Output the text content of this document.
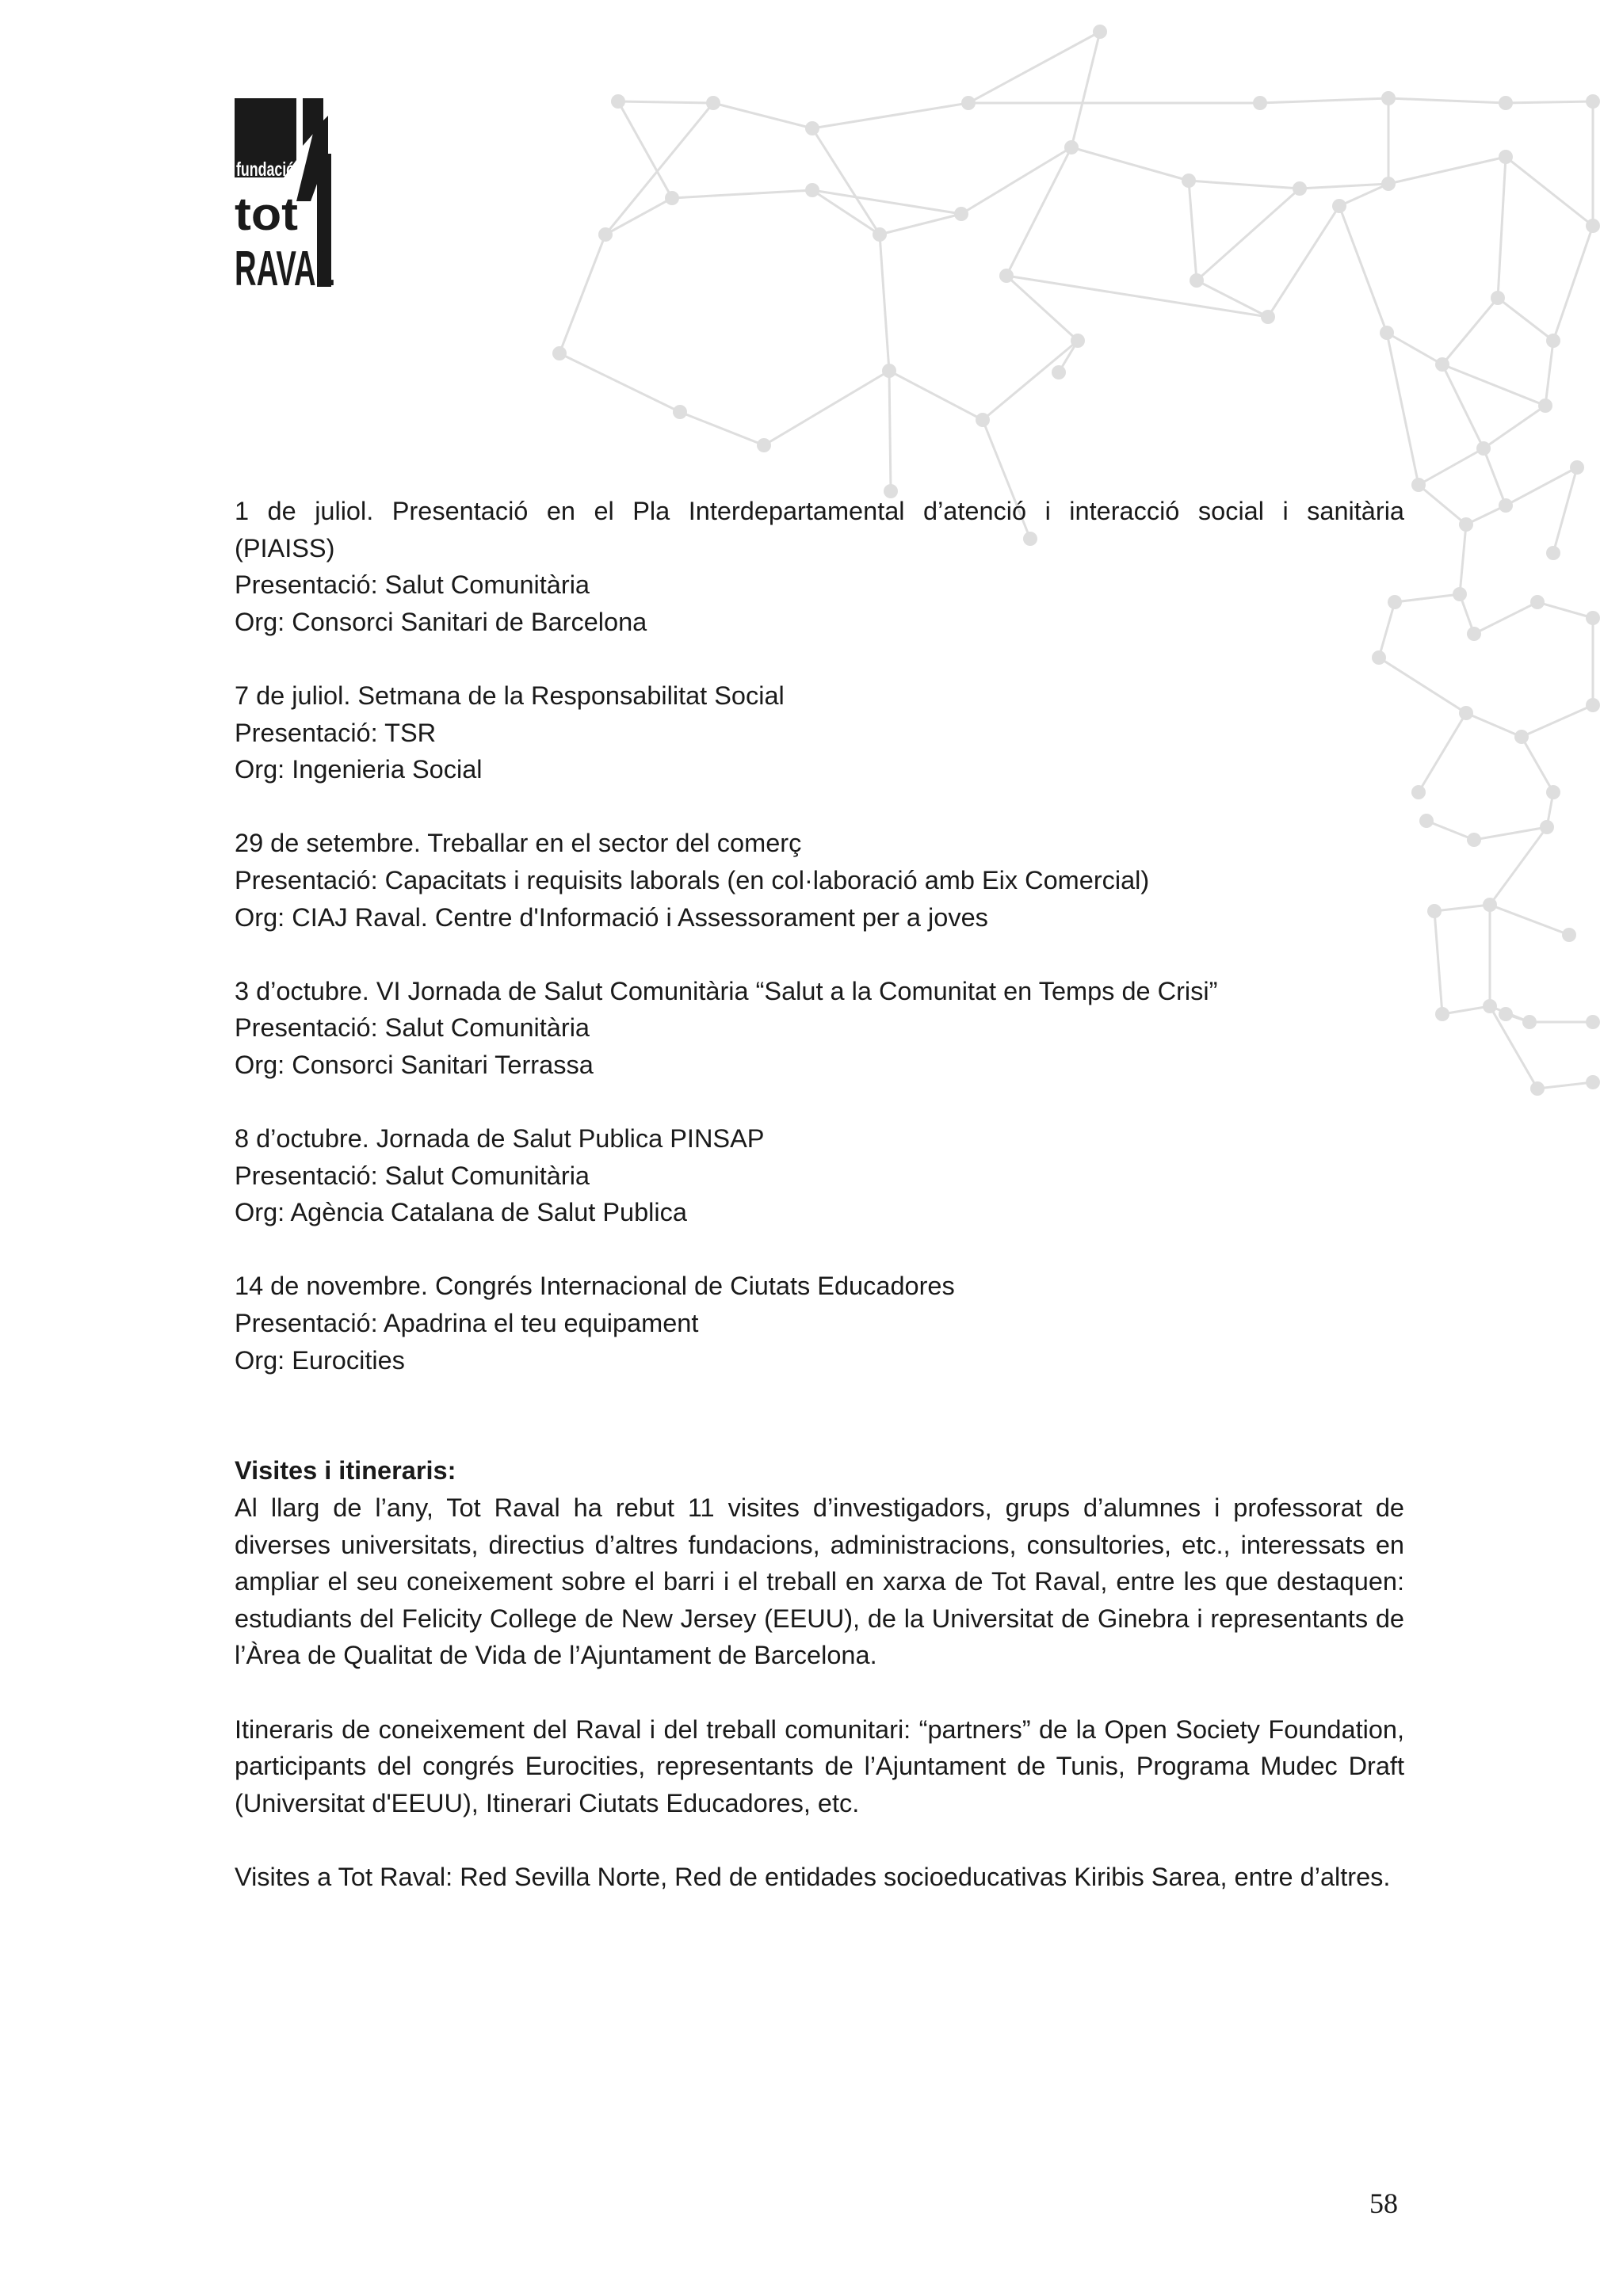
fundació
tot
RAVAL
1 de juliol. Presentació en el Pla Interdepartamental d’atenció i interacció social i sanitària
(PIAISS)
Presentació: Salut Comunitària
Org: Consorci Sanitari de Barcelona
7 de juliol. Setmana de la Responsabilitat Social
Presentació: TSR
Org: Ingenieria Social
29 de setembre. Treballar en el sector del comerç
Presentació: Capacitats i requisits laborals (en col·laboració amb Eix Comercial)
Org: CIAJ Raval. Centre d'Informació i Assessorament per a joves
3 d’octubre. VI Jornada de Salut Comunitària “Salut a la Comunitat en Temps de Crisi”
Presentació: Salut Comunitària
Org: Consorci Sanitari Terrassa
8 d’octubre. Jornada de Salut Publica PINSAP
Presentació: Salut Comunitària
Org: Agència Catalana de Salut Publica
14 de novembre. Congrés Internacional de Ciutats Educadores
Presentació: Apadrina el teu equipament
Org: Eurocities
Visites i itineraris:

Al llarg de l’any, Tot Raval ha rebut 11 visites d’investigadors, grups d’alumnes i professorat de diverses universitats, directius d’altres fundacions, administracions, consultories, etc., interessats en ampliar el seu coneixement sobre el barri i el treball en xarxa de Tot Raval, entre les que destaquen: estudiants del Felicity College de New Jersey (EEUU), de la Universitat de Ginebra i representants de l’Àrea de Qualitat de Vida de l’Ajuntament de Barcelona.

Itineraris de coneixement del Raval i del treball comunitari: “partners” de la Open Society Foundation, participants del congrés Eurocities, representants de l’Ajuntament de Tunis, Programa Mudec Draft (Universitat d'EEUU), Itinerari Ciutats Educadores, etc.

Visites a Tot Raval: Red Sevilla Norte, Red de entidades socioeducativas Kiribis Sarea, entre d’altres.

58
